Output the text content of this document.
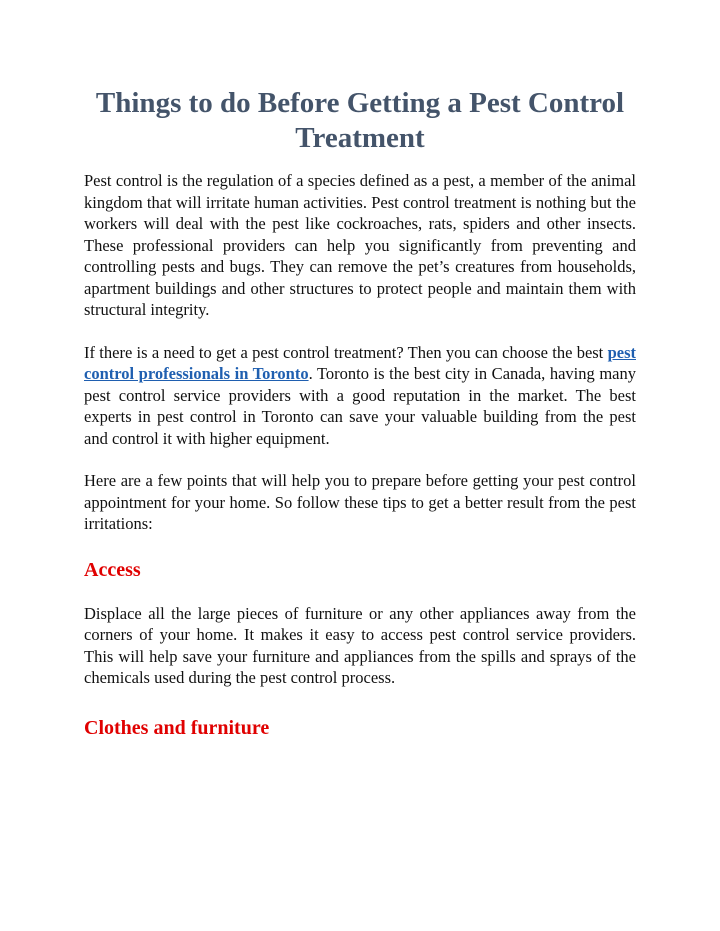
Things to do Before Getting a Pest Control Treatment

Pest control is the regulation of a species defined as a pest, a member of the animal kingdom that will irritate human activities. Pest control treatment is nothing but the workers will deal with the pest like cockroaches, rats, spiders and other insects. These professional providers can help you significantly from preventing and controlling pests and bugs. They can remove the pet’s creatures from households, apartment buildings and other structures to protect people and maintain them with structural integrity.

If there is a need to get a pest control treatment? Then you can choose the best pest control professionals in Toronto. Toronto is the best city in Canada, having many pest control service providers with a good reputation in the market. The best experts in pest control in Toronto can save your valuable building from the pest and control it with higher equipment.

Here are a few points that will help you to prepare before getting your pest control appointment for your home. So follow these tips to get a better result from the pest irritations:

Access

Displace all the large pieces of furniture or any other appliances away from the corners of your home. It makes it easy to access pest control service providers. This will help save your furniture and appliances from the spills and sprays of the chemicals used during the pest control process.

Clothes and furniture
